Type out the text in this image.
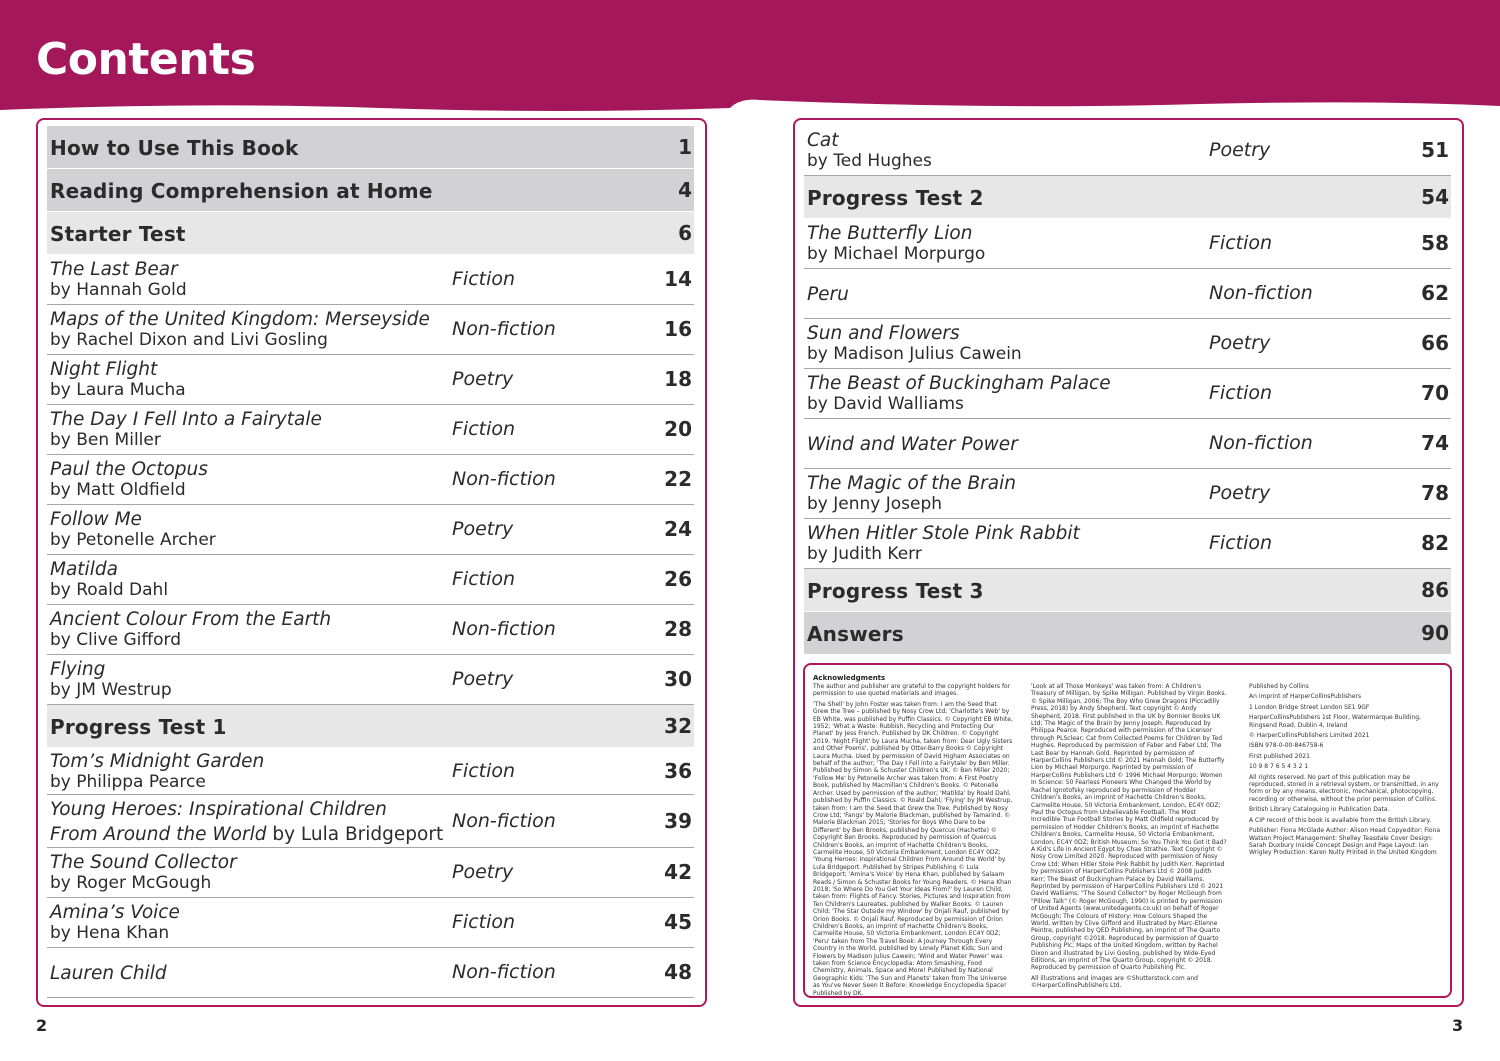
Contents
How to Use This Book	1
Reading Comprehension at Home	4
Starter Test	6
The Last Bear
by Hannah Gold	Fiction	14
Maps of the United Kingdom: Merseyside
by Rachel Dixon and Livi Gosling	Non-fiction	16
Night Flight
by Laura Mucha	Poetry	18
The Day I Fell Into a Fairytale
by Ben Miller	Fiction	20
Paul the Octopus
by Matt Oldfield	Non-fiction	22
Follow Me
by Petonelle Archer	Poetry	24
Matilda
by Roald Dahl	Fiction	26
Ancient Colour From the Earth
by Clive Gifford	Non-fiction	28
Flying
by JM Westrup	Poetry	30
Progress Test 1	32
Tom’s Midnight Garden
by Philippa Pearce	Fiction	36
Young Heroes: Inspirational Children
From Around the World by Lula Bridgeport
Non-fiction	39
The Sound Collector
by Roger McGough	Poetry	42
Amina’s Voice
by Hena Khan	Fiction	45
Lauren Child	Non-fiction	48
Cat
by Ted Hughes	Poetry	51
Progress Test 2	54
The Butterfly Lion
by Michael Morpurgo	Fiction	58
Peru	Non-fiction	62
Sun and Flowers
by Madison Julius Cawein	Poetry	66
The Beast of Buckingham Palace
by David Walliams	Fiction	70
Wind and Water Power	Non-fiction	74
The Magic of the Brain
by Jenny Joseph	Poetry	78
When Hitler Stole Pink Rabbit
by Judith Kerr	Fiction	82
Progress Test 3	86
Answers	90
Acknowledgments

The author and publisher are grateful to the copyright holders for permission to use quoted materials and images.

'The Shell' by John Foster was taken from: I am the Seed that Grew the Tree – published by Nosy Crow Ltd; 'Charlotte's Web' by EB White, was published by Puffin Classics. © Copyright EB White, 1952; 'What a Waste: Rubbish, Recycling and Protecting Our Planet' by Jess French. Published by DK Children. © Copyright 2019. 'Night Flight' by Laura Mucha, taken from: Dear Ugly Sisters and Other Poems', published by Otter-Barry Books © Copyright Laura Mucha. Used by permission of David Higham Associates on behalf of the author; 'The Day I Fell into a Fairytale' by Ben Miller. Published by Simon & Schuster Children's UK. © Ben Miller 2020; 'Follow Me' by Petonelle Archer was taken from: A First Poetry Book, published by Macmillan's Children's Books. © Petonelle Archer. Used by permission of the author; 'Matilda' by Roald Dahl, published by Puffin Classics. © Roald Dahl; 'Flying' by JM Westrup, taken from: I am the Seed that Grew the Tree. Published by Nosy Crow Ltd; 'Fangs' by Malorie Blackman, published by Tamarind. © Malorie Blackman 2015; 'Stories for Boys Who Dare to be Different' by Ben Brooks, published by Quercus (Hachette) © Copyright Ben Brooks. Reproduced by permission of Quercus Children's Books, an imprint of Hachette Children's Books, Carmelite House, 50 Victoria Embankment, London EC4Y 0DZ; 'Young Heroes: Inspirational Children From Around the World' by Lula Bridgeport. Published by Stripes Publishing © Lula Bridgeport; 'Amina's Voice' by Hena Khan, published by Salaam Reads / Simon & Schuster Books for Young Readers. © Hena Khan 2018; 'So Where Do You Get Your Ideas From?' by Lauren Child, taken from: Flights of Fancy. Stories, Pictures and Inspiration from Ten Children's Laureates, published by Walker Books. © Lauren Child; 'The Star Outside my Window' by Onjali Rauf, published by Orion Books. © Onjali Rauf. Reproduced by permission of Orion Children's Books, an imprint of Hachette Children's Books, Carmelite House, 50 Victoria Embankment, London EC4Y 0DZ; 'Peru' taken from The Travel Book: A Journey Through Every Country in the World, published by Lonely Planet Kids; Sun and Flowers by Madison Julius Cawein; 'Wind and Water Power' was taken from Science Encyclopedia: Atom Smashing, Food Chemistry, Animals, Space and More! Published by National Geographic Kids; 'The Sun and Planets' taken from The Universe as You've Never Seen It Before: Knowledge Encyclopedia Space! Published by DK.

'Look at all Those Monkeys' was taken from: A Children's Treasury of Milligan, by Spike Milligan. Published by Virgin Books. © Spike Milligan, 2006; The Boy Who Grew Dragons (Piccadilly Press, 2018) by Andy Shepherd. Text copyright © Andy Shepherd, 2018. First published in the UK by Bonnier Books UK Ltd; The Magic of the Brain by Jenny Joseph. Reproduced by Philippa Pearce. Reproduced with permission of the Licensor through PLSclear; Cat from Collected Poems for Children by Ted Hughes. Reproduced by permission of Faber and Faber Ltd; The Last Bear by Hannah Gold. Reprinted by permission of HarperCollins Publishers Ltd © 2021 Hannah Gold; The Butterfly Lion by Michael Morpurgo. Reprinted by permission of HarperCollins Publishers Ltd © 1996 Michael Morpurgo; Women In Science: 50 Fearless Pioneers Who Changed the World by Rachel Ignotofsky reproduced by permission of Hodder Children's Books, an imprint of Hachette Children's Books, Carmelite House, 50 Victoria Embankment, London, EC4Y 0DZ; Paul the Octopus from Unbelievable Football: The Most Incredible True Football Stories by Matt Oldfield reproduced by permission of Hodder Children's Books, an imprint of Hachette Children's Books, Carmelite House, 50 Victoria Embankment, London, EC4Y 0DZ; British Museum: So You Think You Got it Bad? A Kid's Life in Ancient Egypt by Chae Strathie. Text Copyright © Nosy Crow Limited 2020. Reproduced with permission of Nosy Crow Ltd; When Hitler Stole Pink Rabbit by Judith Kerr. Reprinted by permission of HarperCollins Publishers Ltd © 2008 Judith Kerr; The Beast of Buckingham Palace by David Walliams. Reprinted by permission of HarperCollins Publishers Ltd © 2021 David Walliams; "The Sound Collector" by Roger McGough from "Pillow Talk" (© Roger McGough, 1990) is printed by permission of United Agents (www.unitedagents.co.uk) on behalf of Roger McGough; The Colours of History: How Colours Shaped the World, written by Clive Gifford and illustrated by Marc-Etienne Peintre, published by QED Publishing, an imprint of The Quarto Group, copyright ©2018. Reproduced by permission of Quarto Publishing Plc; Maps of the United Kingdom, written by Rachel Dixon and illustrated by Livi Gosling, published by Wide-Eyed Editions, an imprint of The Quarto Group, copyright © 2018. Reproduced by permission of Quarto Publishing Plc.

All illustrations and images are ©Shutterstock.com and ©HarperCollinsPublishers Ltd.

Published by Collins

An imprint of HarperCollinsPublishers

1 London Bridge Street London SE1 9GF

HarperCollinsPublishers 1st Floor, Watermarque Building, Ringsend Road, Dublin 4, Ireland

© HarperCollinsPublishers Limited 2021

ISBN 978-0-00-846758-6

First published 2021

10 9 8 7 6 5 4 3 2 1

All rights reserved. No part of this publication may be reproduced, stored in a retrieval system, or transmitted, in any form or by any means, electronic, mechanical, photocopying, recording or otherwise, without the prior permission of Collins.

British Library Cataloguing in Publication Data.

A CIP record of this book is available from the British Library.

Publisher: Fiona McGlade Author: Alison Head Copyeditor: Fiona Watson Project Management: Shelley Teasdale Cover Design: Sarah Duxbury Inside Concept Design and Page Layout: Ian Wrigley Production: Karen Nulty Printed in the United Kingdom

2	3
